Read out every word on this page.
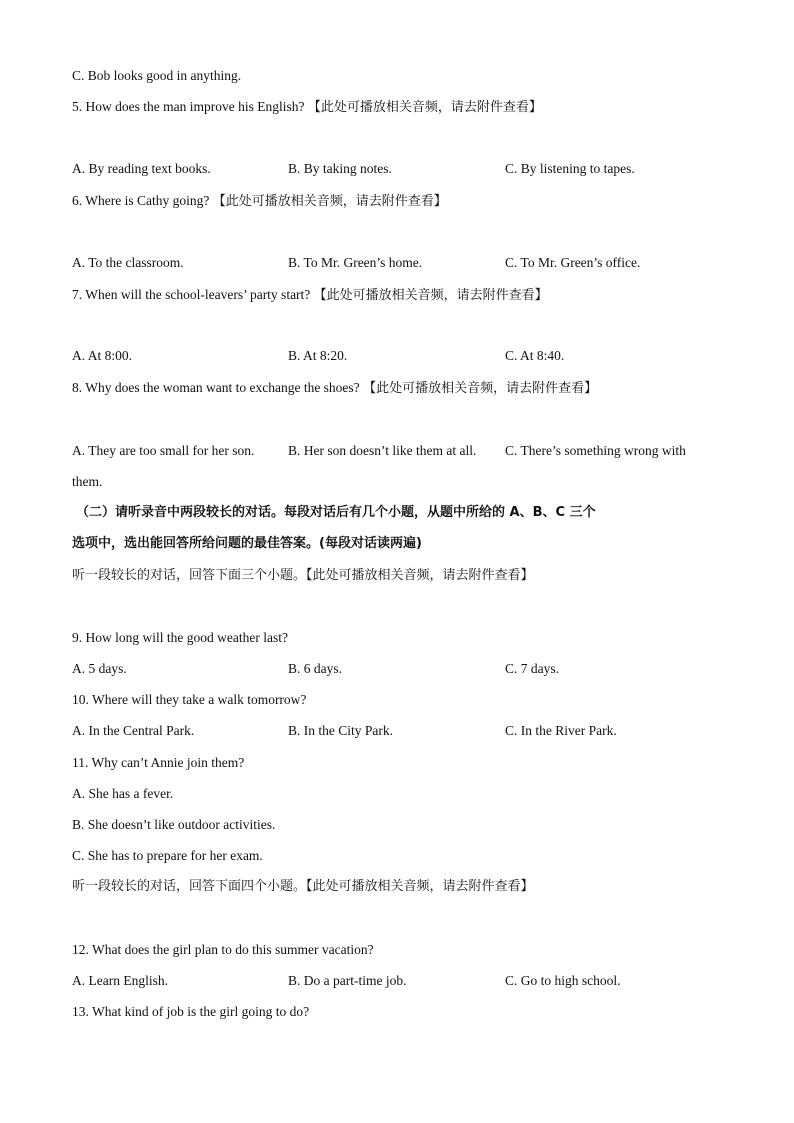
C. Bob looks good in anything.
5. How does the man improve his English? 【此处可播放相关音频，请去附件查看】
A. By reading text books.	B. By taking notes.	C. By listening to tapes.
6. Where is Cathy going? 【此处可播放相关音频，请去附件查看】
A. To the classroom.	B. To Mr. Green’s home.	C. To Mr. Green’s office.
7. When will the school-leavers’ party start? 【此处可播放相关音频，请去附件查看】
A. At 8:00.	B. At 8:20.	C. At 8:40.
8. Why does the woman want to exchange the shoes? 【此处可播放相关音频，请去附件查看】
A. They are too small for her son. B. Her son doesn’t like them at all. C. There’s something wrong with
them.
（二）请听录音中两段较长的对话。每段对话后有几个小题，从题中所给的 A、B、C 三个
选项中，选出能回答所给问题的最佳答案。(每段对话读两遍)
听一段较长的对话，回答下面三个小题。【此处可播放相关音频，请去附件查看】
9. How long will the good weather last?
A. 5 days.	B. 6 days.	C. 7 days.
10. Where will they take a walk tomorrow?
A. In the Central Park.	B. In the City Park.	C. In the River Park.
11. Why can’t Annie join them?
A. She has a fever.
B. She doesn’t like outdoor activities.
C. She has to prepare for her exam.
听一段较长的对话，回答下面四个小题。【此处可播放相关音频，请去附件查看】
12. What does the girl plan to do this summer vacation?
A. Learn English.	B. Do a part-time job.	C. Go to high school.
13. What kind of job is the girl going to do?
